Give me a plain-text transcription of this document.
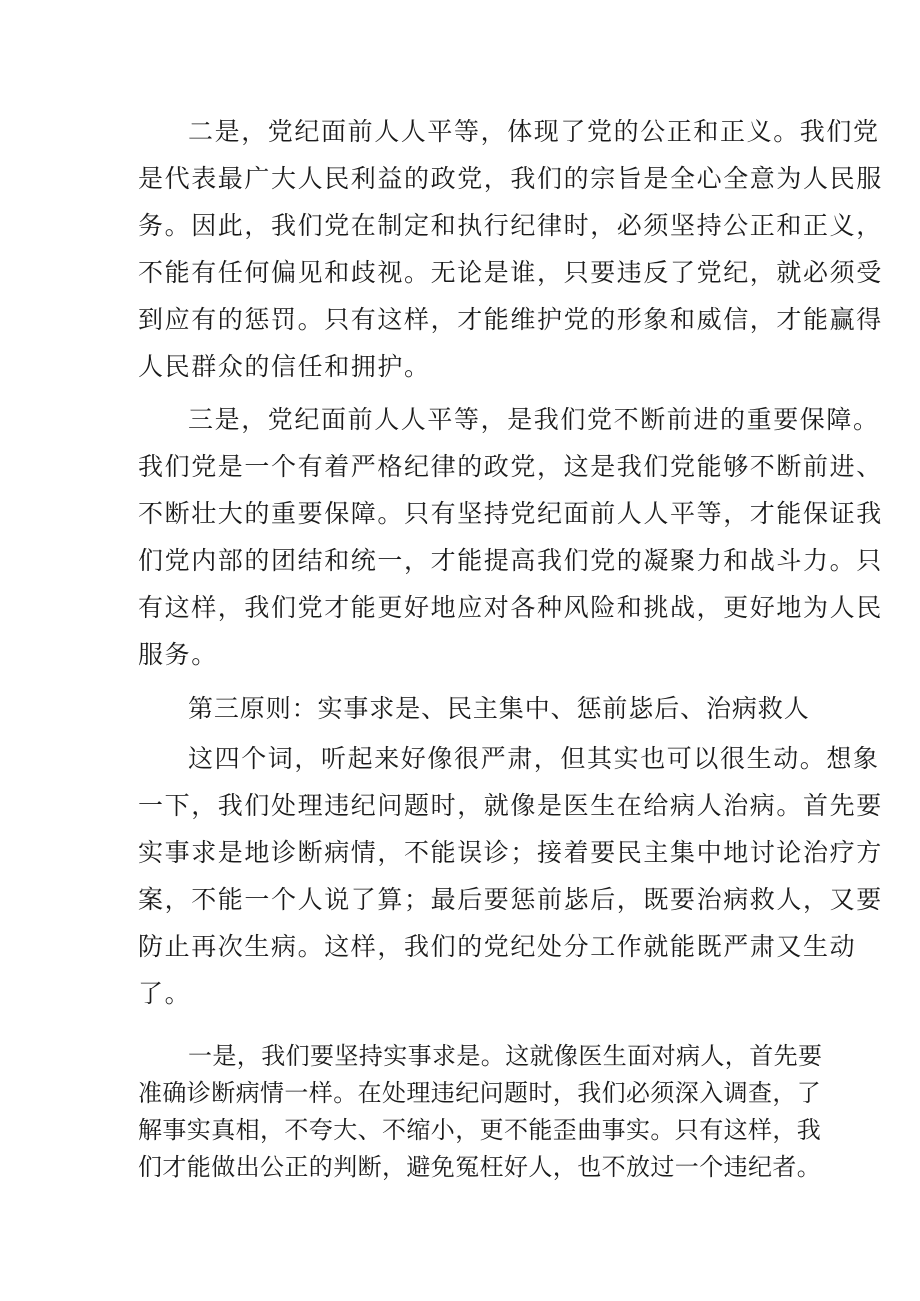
二是，党纪面前人人平等，体现了党的公正和正义。我们党
是代表最广大人民利益的政党，我们的宗旨是全心全意为人民服
务。因此，我们党在制定和执行纪律时，必须坚持公正和正义，
不能有任何偏见和歧视。无论是谁，只要违反了党纪，就必须受
到应有的惩罚。只有这样，才能维护党的形象和威信，才能赢得
人民群众的信任和拥护。
三是，党纪面前人人平等，是我们党不断前进的重要保障。
我们党是一个有着严格纪律的政党，这是我们党能够不断前进、
不断壮大的重要保障。只有坚持党纪面前人人平等，才能保证我
们党内部的团结和统一，才能提高我们党的凝聚力和战斗力。只
有这样，我们党才能更好地应对各种风险和挑战，更好地为人民
服务。
第三原则：实事求是、民主集中、惩前毖后、治病救人
这四个词，听起来好像很严肃，但其实也可以很生动。想象
一下，我们处理违纪问题时，就像是医生在给病人治病。首先要
实事求是地诊断病情，不能误诊；接着要民主集中地讨论治疗方
案，不能一个人说了算；最后要惩前毖后，既要治病救人，又要
防止再次生病。这样，我们的党纪处分工作就能既严肃又生动
了。
一是，我们要坚持实事求是。这就像医生面对病人，首先要
准确诊断病情一样。在处理违纪问题时，我们必须深入调查，了
解事实真相，不夸大、不缩小，更不能歪曲事实。只有这样，我
们才能做出公正的判断，避免冤枉好人，也不放过一个违纪者。
